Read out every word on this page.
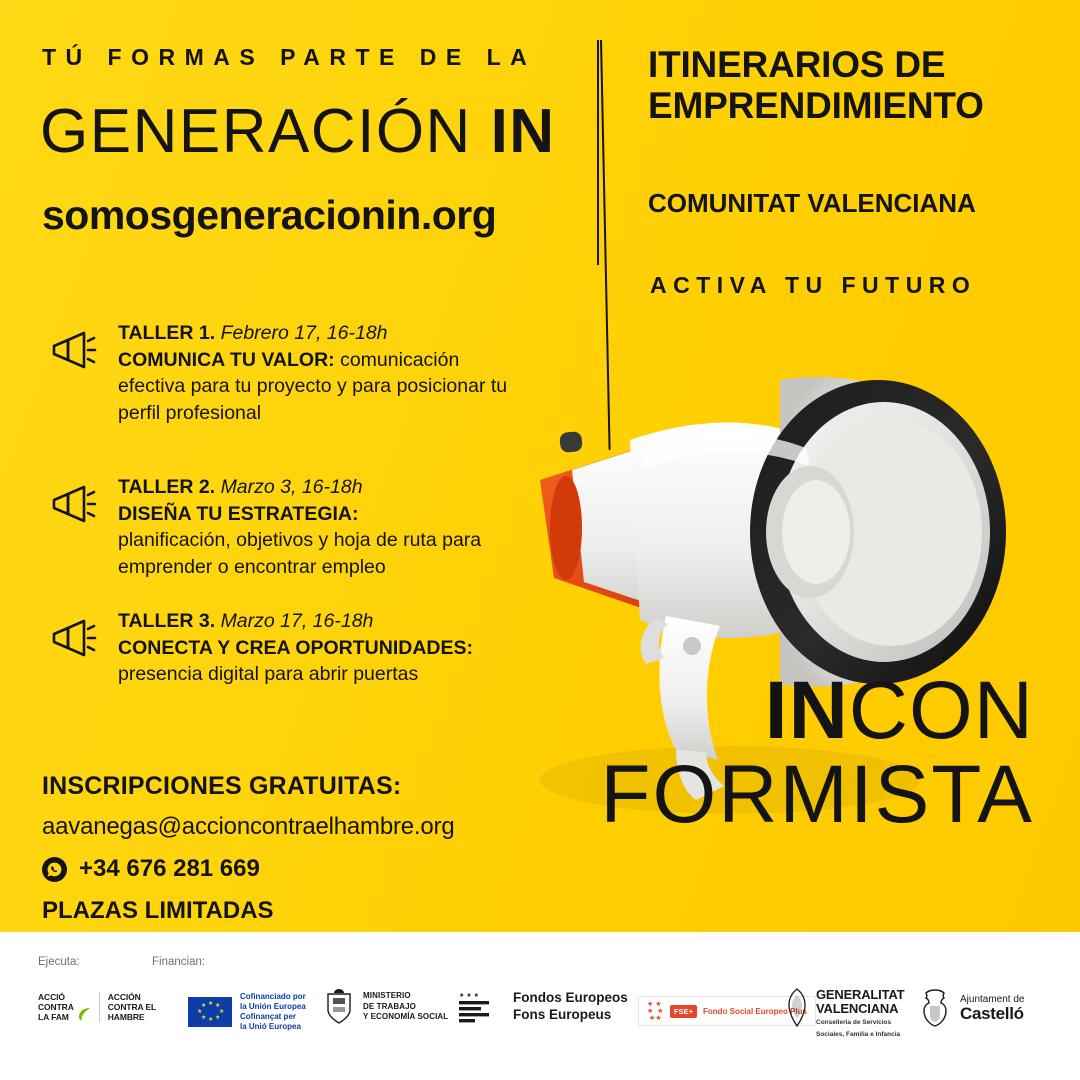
TÚ FORMAS PARTE DE LA
GENERACIÓN IN
somosgeneracionin.org
ITINERARIOS DE
EMPRENDIMIENTO
COMUNITAT VALENCIANA
ACTIVA TU FUTURO
TALLER 1. Febrero 17, 16-18h
COMUNICA TU VALOR: comunicación
efectiva para tu proyecto y para posicionar tu perfil profesional
TALLER 2. Marzo 3, 16-18h
DISEÑA TU ESTRATEGIA:
planificación, objetivos y hoja de ruta para emprender o encontrar empleo
TALLER 3. Marzo 17, 16-18h
CONECTA Y CREA OPORTUNIDADES:
presencia digital para abrir puertas	INCON
FORMISTA
INSCRIPCIONES GRATUITAS:
aavanegas@accioncontraelhambre.org
+34 676 281 669
PLAZAS LIMITADAS
Ejecuta:	Financian:
ACCIÓ
CONTRA
LA FAM
ACCIÓN
CONTRA EL
HAMBRE
★ ★
★
★
★
★
★
★
Cofinanciado por
la Unión Europea
Cofinançat per
la Unió Europea
MINISTERIO
DE TRABAJO
Y ECONOMÍA SOCIAL
★ ★ ★	Fondos Europeos
Fons Europeus
★ ★
★  ★
★★
FSE+	Fondo Social Europeo Plus
GENERALITAT
VALENCIANA
Conselleria de Servicios
Sociales, Familia e Infancia
Ajuntament de
Castelló
